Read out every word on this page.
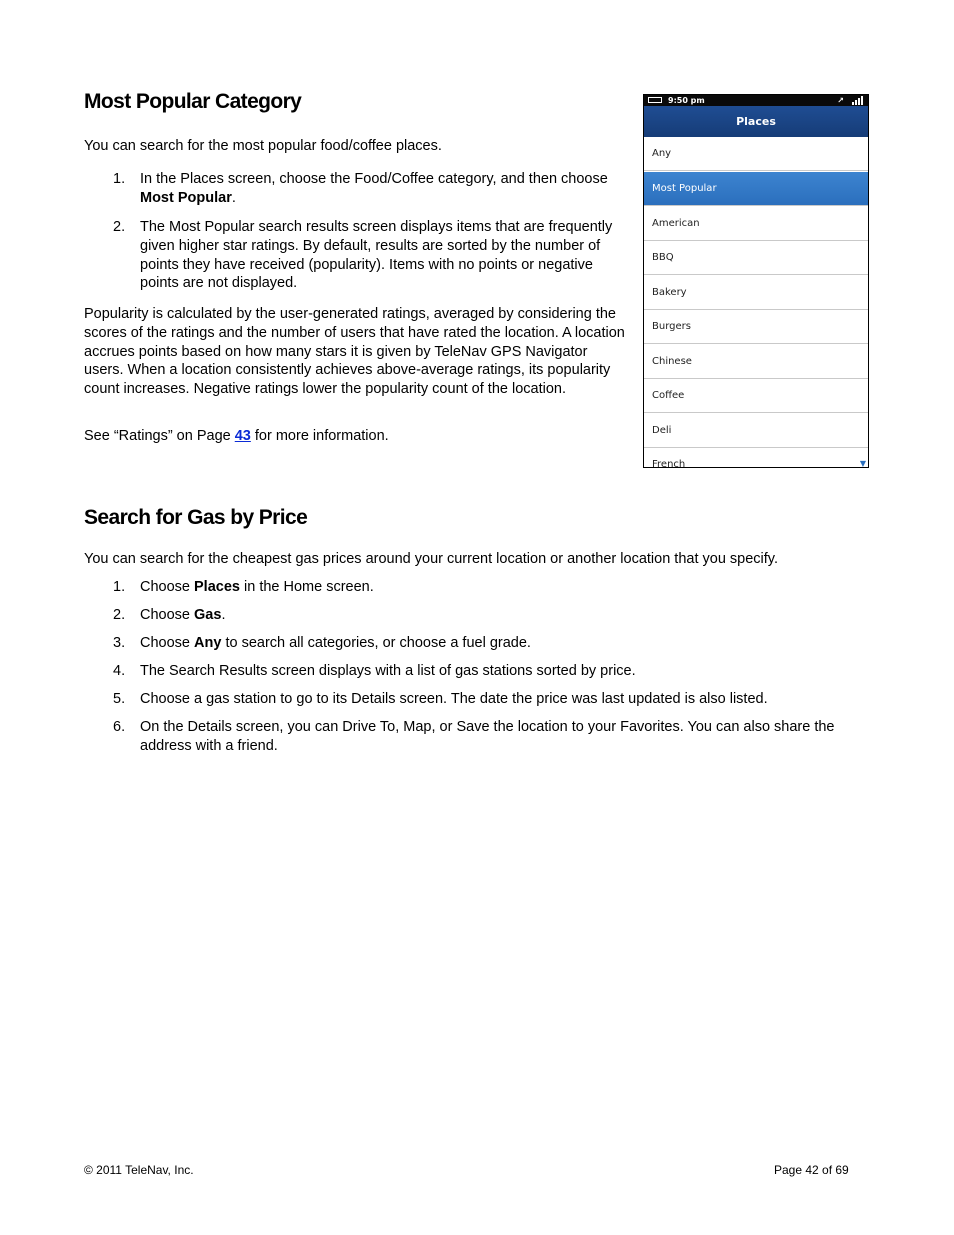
Most Popular Category

You can search for the most popular food/coffee places.

1. In the Places screen, choose the Food/Coffee category, and then choose Most Popular.

2. The Most Popular search results screen displays items that are frequently given higher star ratings. By default, results are sorted by the number of points they have received (popularity). Items with no points or negative points are not displayed.

Popularity is calculated by the user-generated ratings, averaged by considering the scores of the ratings and the number of users that have rated the location. A location accrues points based on how many stars it is given by TeleNav GPS Navigator users. When a location consistently achieves above-average ratings, its popularity count increases. Negative ratings lower the popularity count of the location.

See “Ratings” on Page 43 for more information.

9:50 pm	↗
Places
Any
Most Popular
American
BBQ
Bakery
Burgers
Chinese
Coffee
Deli
French	▼
Search for Gas by Price

You can search for the cheapest gas prices around your current location or another location that you specify.

1. Choose Places in the Home screen.

2. Choose Gas.

3. Choose Any to search all categories, or choose a fuel grade.

4. The Search Results screen displays with a list of gas stations sorted by price.

5. Choose a gas station to go to its Details screen. The date the price was last updated is also listed.

6. On the Details screen, you can Drive To, Map, or Save the location to your Favorites. You can also share the address with a friend.

© 2011 TeleNav, Inc.	Page 42 of 69
